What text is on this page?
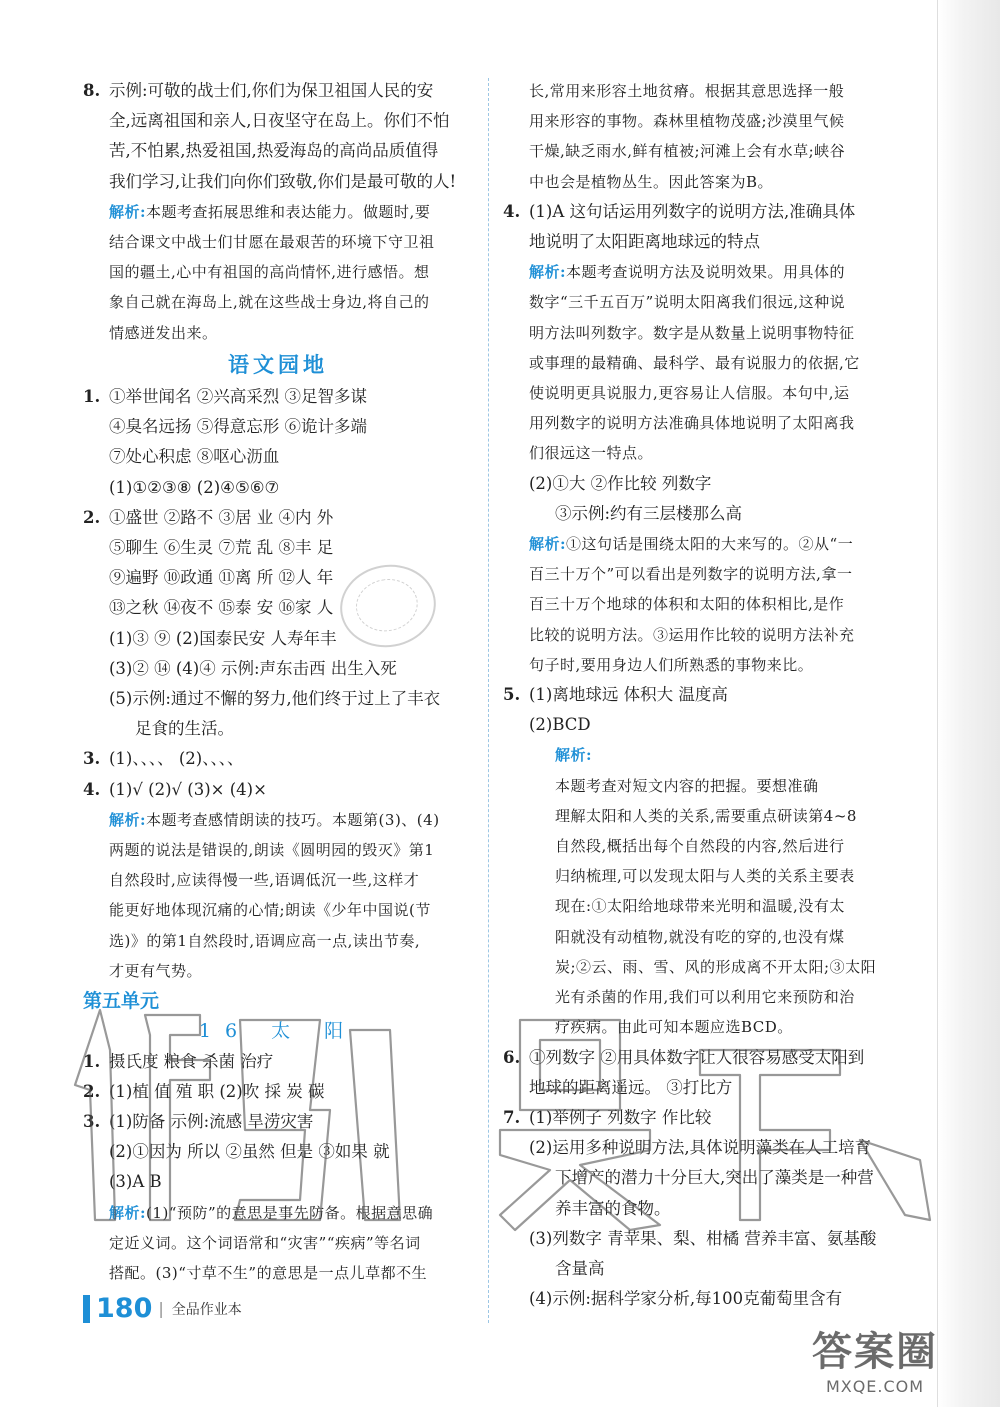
8. 示例:可敬的战士们,你们为保卫祖国人民的安
全,远离祖国和亲人,日夜坚守在岛上。你们不怕
苦,不怕累,热爱祖国,热爱海岛的高尚品质值得
我们学习,让我们向你们致敬,你们是最可敬的人!
解析:本题考查拓展思维和表达能力。做题时,要
结合课文中战士们甘愿在最艰苦的环境下守卫祖
国的疆土,心中有祖国的高尚情怀,进行感悟。想
象自己就在海岛上,就在这些战士身边,将自己的
情感迸发出来。
语文园地
1. ①举世闻名 ②兴高采烈 ③足智多谋
④臭名远扬 ⑤得意忘形 ⑥诡计多端
⑦处心积虑 ⑧呕心沥血
(1)①②③⑧ (2)④⑤⑥⑦
2. ①盛世 ②路不 ③居 业 ④内 外
⑤聊生 ⑥生灵 ⑦荒 乱 ⑧丰 足
⑨遍野 ⑩政通 ⑪离 所 ⑫人 年
⑬之秋 ⑭夜不 ⑮泰 安 ⑯家 人
(1)③ ⑨ (2)国泰民安 人寿年丰
(3)② ⑭ (4)④ 示例:声东击西 出生入死
(5)示例:通过不懈的努力,他们终于过上了丰衣
足食的生活。
3. (1)、、、、 (2)、、、、
4. (1)√ (2)√ (3)× (4)×
解析:本题考查感情朗读的技巧。本题第(3)、(4)
两题的说法是错误的,朗读《圆明园的毁灭》第1
自然段时,应读得慢一些,语调低沉一些,这样才
能更好地体现沉痛的心情;朗读《少年中国说(节
选)》的第1自然段时,语调应高一点,读出节奏,
才更有气势。
第五单元
16 太 阳
1. 摄氏度 粮食 杀菌 治疗
2. (1)植 值 殖 职 (2)吹 採 炭 碳
3. (1)防备 示例:流感 旱涝灾害
(2)①因为 所以 ②虽然 但是 ③如果 就
(3)A B
解析:(1)“预防”的意思是事先防备。根据意思确
定近义词。这个词语常和“灾害”“疾病”等名词
搭配。(3)“寸草不生”的意思是一点儿草都不生
长,常用来形容土地贫瘠。根据其意思选择一般
用来形容的事物。森林里植物茂盛;沙漠里气候
干燥,缺乏雨水,鲜有植被;河滩上会有水草;峡谷
中也会是植物丛生。因此答案为B。
4. (1)A 这句话运用列数字的说明方法,准确具体
地说明了太阳距离地球远的特点
解析:本题考查说明方法及说明效果。用具体的
数字“三千五百万”说明太阳离我们很远,这种说
明方法叫列数字。数字是从数量上说明事物特征
或事理的最精确、最科学、最有说服力的依据,它
使说明更具说服力,更容易让人信服。本句中,运
用列数字的说明方法准确具体地说明了太阳离我
们很远这一特点。
(2)①大 ②作比较 列数字
③示例:约有三层楼那么高
解析:①这句话是围绕太阳的大来写的。②从“一
百三十万个”可以看出是列数字的说明方法,拿一
百三十万个地球的体积和太阳的体积相比,是作
比较的说明方法。③运用作比较的说明方法补充
句子时,要用身边人们所熟悉的事物来比。
5. (1)离地球远 体积大 温度高
(2)BCD
解析:
本题考查对短文内容的把握。要想准确
理解太阳和人类的关系,需要重点研读第4~8
自然段,概括出每个自然段的内容,然后进行
归纳梳理,可以发现太阳与人类的关系主要表
现在:①太阳给地球带来光明和温暖,没有太
阳就没有动植物,就没有吃的穿的,也没有煤
炭;②云、雨、雪、风的形成离不开太阳;③太阳
光有杀菌的作用,我们可以利用它来预防和治
疗疾病。由此可知本题应选BCD。
6. ①列数字 ②用具体数字让人很容易感受太阳到
地球的距离遥远。 ③打比方
7. (1)举例子 列数字 作比较
(2)运用多种说明方法,具体说明藻类在人工培育
下增产的潜力十分巨大,突出了藻类是一种营
养丰富的食物。
(3)列数字 青苹果、梨、柑橘 营养丰富、氨基酸
含量高
(4)示例:据科学家分析,每100克葡萄里含有
180 | 全品作业本
答案圈
MXQE.COM
